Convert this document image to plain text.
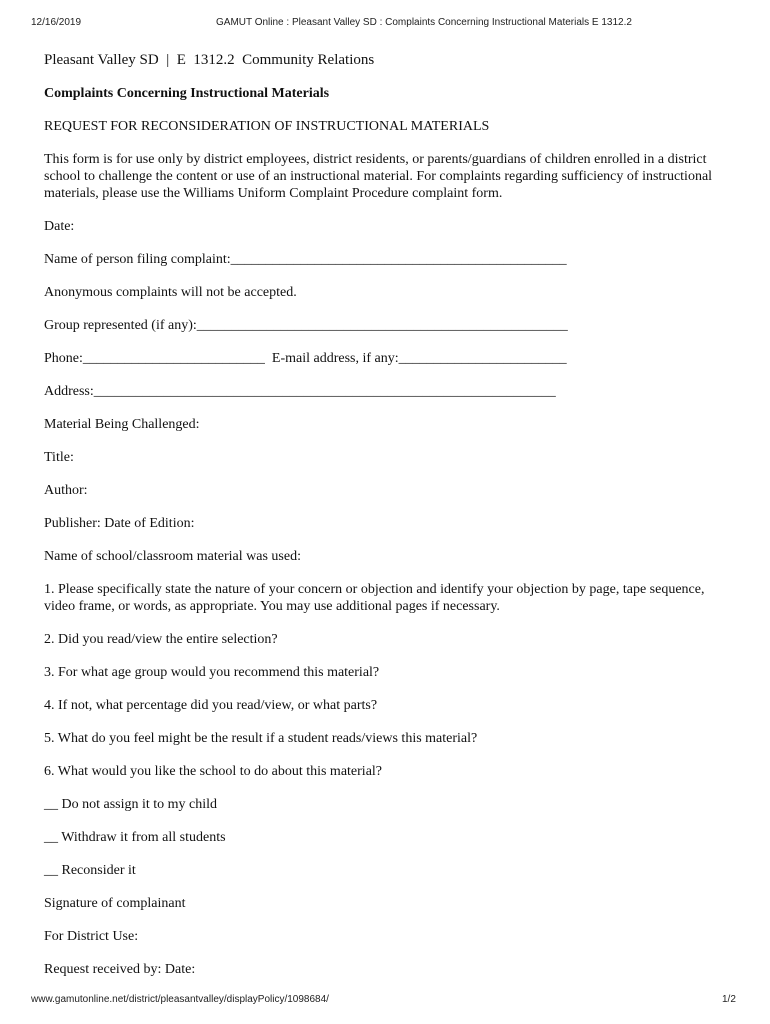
12/16/2019	GAMUT Online : Pleasant Valley SD : Complaints Concerning Instructional Materials E 1312.2

Pleasant Valley SD  |  E  1312.2  Community Relations

Complaints Concerning Instructional Materials

REQUEST FOR RECONSIDERATION OF INSTRUCTIONAL MATERIALS

This form is for use only by district employees, district residents, or parents/guardians of children enrolled in a district school to challenge the content or use of an instructional material. For complaints regarding sufficiency of instructional materials, please use the Williams Uniform Complaint Procedure complaint form.

Date:

Name of person filing complaint:________________________________________________

Anonymous complaints will not be accepted.

Group represented (if any):_____________________________________________________

Phone:__________________________  E-mail address, if any:________________________

Address:__________________________________________________________________

Material Being Challenged:

Title:

Author:

Publisher: Date of Edition:

Name of school/classroom material was used:

1. Please specifically state the nature of your concern or objection and identify your objection by page, tape sequence, video frame, or words, as appropriate. You may use additional pages if necessary.

2. Did you read/view the entire selection?

3. For what age group would you recommend this material?

4. If not, what percentage did you read/view, or what parts?

5. What do you feel might be the result if a student reads/views this material?

6. What would you like the school to do about this material?

__ Do not assign it to my child

__ Withdraw it from all students

__ Reconsider it

Signature of complainant

For District Use:

Request received by: Date:

www.gamutonline.net/district/pleasantvalley/displayPolicy/1098684/	1/2
